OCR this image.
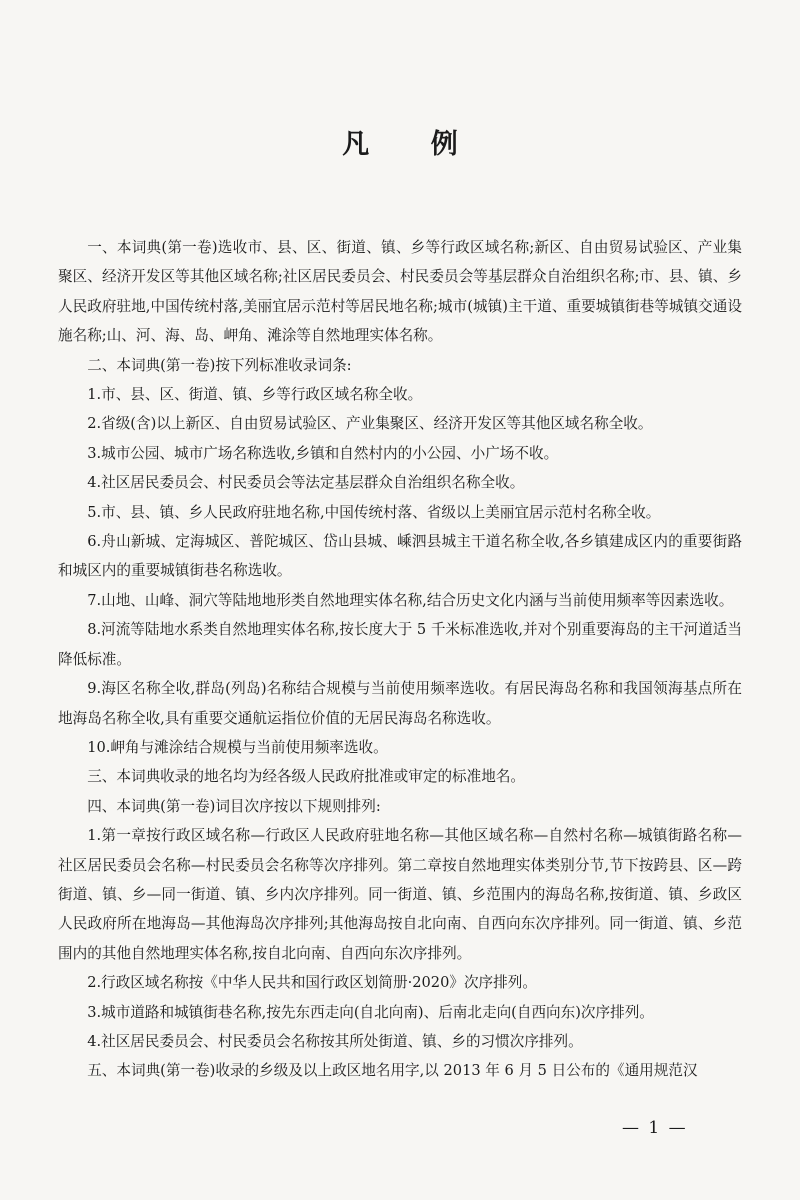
凡 例

一、本词典(第一卷)选收市、县、区、街道、镇、乡等行政区域名称;新区、自由贸易试验区、产业集聚区、经济开发区等其他区域名称;社区居民委员会、村民委员会等基层群众自治组织名称;市、县、镇、乡人民政府驻地,中国传统村落,美丽宜居示范村等居民地名称;城市(城镇)主干道、重要城镇街巷等城镇交通设施名称;山、河、海、岛、岬角、滩涂等自然地理实体名称。

二、本词典(第一卷)按下列标准收录词条:

1.市、县、区、街道、镇、乡等行政区域名称全收。

2.省级(含)以上新区、自由贸易试验区、产业集聚区、经济开发区等其他区域名称全收。

3.城市公园、城市广场名称选收,乡镇和自然村内的小公园、小广场不收。

4.社区居民委员会、村民委员会等法定基层群众自治组织名称全收。

5.市、县、镇、乡人民政府驻地名称,中国传统村落、省级以上美丽宜居示范村名称全收。

6.舟山新城、定海城区、普陀城区、岱山县城、嵊泗县城主干道名称全收,各乡镇建成区内的重要街路和城区内的重要城镇街巷名称选收。

7.山地、山峰、洞穴等陆地地形类自然地理实体名称,结合历史文化内涵与当前使用频率等因素选收。

8.河流等陆地水系类自然地理实体名称,按长度大于 5 千米标准选收,并对个别重要海岛的主干河道适当降低标准。

9.海区名称全收,群岛(列岛)名称结合规模与当前使用频率选收。有居民海岛名称和我国领海基点所在地海岛名称全收,具有重要交通航运指位价值的无居民海岛名称选收。

10.岬角与滩涂结合规模与当前使用频率选收。

三、本词典收录的地名均为经各级人民政府批准或审定的标准地名。

四、本词典(第一卷)词目次序按以下规则排列:

1.第一章按行政区域名称—行政区人民政府驻地名称—其他区域名称—自然村名称—城镇街路名称—社区居民委员会名称—村民委员会名称等次序排列。第二章按自然地理实体类别分节,节下按跨县、区—跨街道、镇、乡—同一街道、镇、乡内次序排列。同一街道、镇、乡范围内的海岛名称,按街道、镇、乡政区人民政府所在地海岛—其他海岛次序排列;其他海岛按自北向南、自西向东次序排列。同一街道、镇、乡范围内的其他自然地理实体名称,按自北向南、自西向东次序排列。

2.行政区域名称按《中华人民共和国行政区划简册·2020》次序排列。

3.城市道路和城镇街巷名称,按先东西走向(自北向南)、后南北走向(自西向东)次序排列。

4.社区居民委员会、村民委员会名称按其所处街道、镇、乡的习惯次序排列。

五、本词典(第一卷)收录的乡级及以上政区地名用字,以 2013 年 6 月 5 日公布的《通用规范汉

— 1 —
